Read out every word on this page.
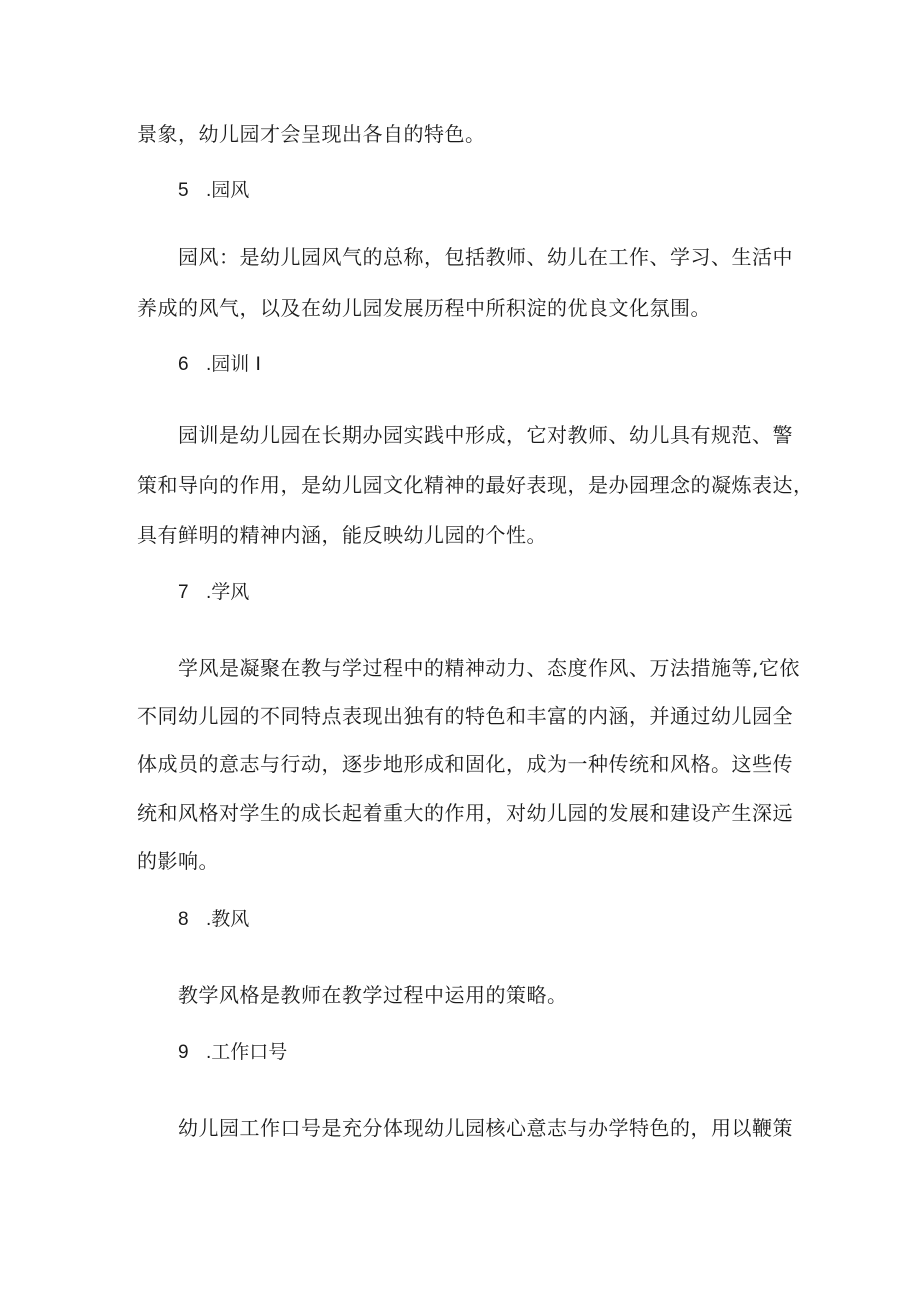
景象，幼儿园才会呈现出各自的特色。
5 .园风
园风：是幼儿园风气的总称，包括教师、幼儿在工作、学习、生活中
养成的风气，以及在幼儿园发展历程中所积淀的优良文化氛围。
6 .园训 I
园训是幼儿园在长期办园实践中形成，它对教师、幼儿具有规范、警
策和导向的作用，是幼儿园文化精神的最好表现，是办园理念的凝炼表达，
具有鲜明的精神内涵，能反映幼儿园的个性。
7 .学风
学风是凝聚在教与学过程中的精神动力、态度作风、万法措施等,它依
不同幼儿园的不同特点表现出独有的特色和丰富的内涵，并通过幼儿园全
体成员的意志与行动，逐步地形成和固化，成为一种传统和风格。这些传
统和风格对学生的成长起着重大的作用，对幼儿园的发展和建设产生深远
的影响。
8 .教风
教学风格是教师在教学过程中运用的策略。
9 .工作口号
幼儿园工作口号是充分体现幼儿园核心意志与办学特色的，用以鞭策
